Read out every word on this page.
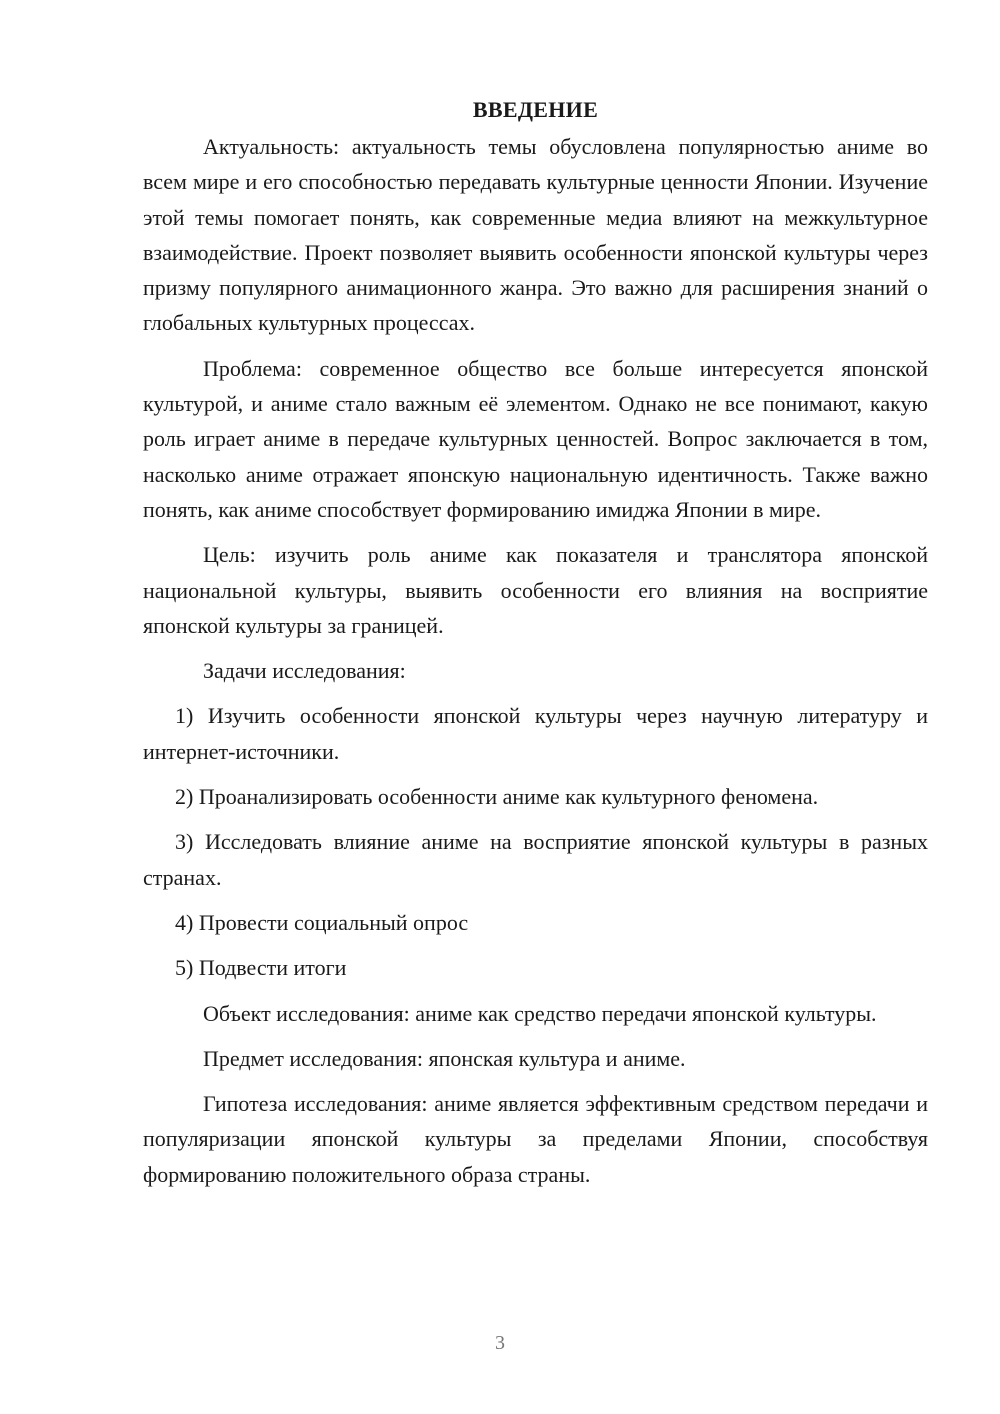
ВВЕДЕНИЕ

Актуальность: актуальность темы обусловлена популярностью аниме во всем мире и его способностью передавать культурные ценности Японии. Изучение этой темы помогает понять, как современные медиа влияют на межкультурное взаимодействие. Проект позволяет выявить особенности японской культуры через призму популярного анимационного жанра. Это важно для расширения знаний о глобальных культурных процессах.

Проблема: современное общество все больше интересуется японской культурой, и аниме стало важным её элементом. Однако не все понимают, какую роль играет аниме в передаче культурных ценностей. Вопрос заключается в том, насколько аниме отражает японскую национальную идентичность. Также важно понять, как аниме способствует формированию имиджа Японии в мире.

Цель: изучить роль аниме как показателя и транслятора японской национальной культуры, выявить особенности его влияния на восприятие японской культуры за границей.

Задачи исследования:

1) Изучить особенности японской культуры через научную литературу и интернет-источники.

2) Проанализировать особенности аниме как культурного феномена.

3) Исследовать влияние аниме на восприятие японской культуры в разных странах.

4) Провести социальный опрос

5) Подвести итоги

Объект исследования: аниме как средство передачи японской культуры.

Предмет исследования: японская культура и аниме.

Гипотеза исследования: аниме является эффективным средством передачи и популяризации японской культуры за пределами Японии, способствуя формированию положительного образа страны.

3
